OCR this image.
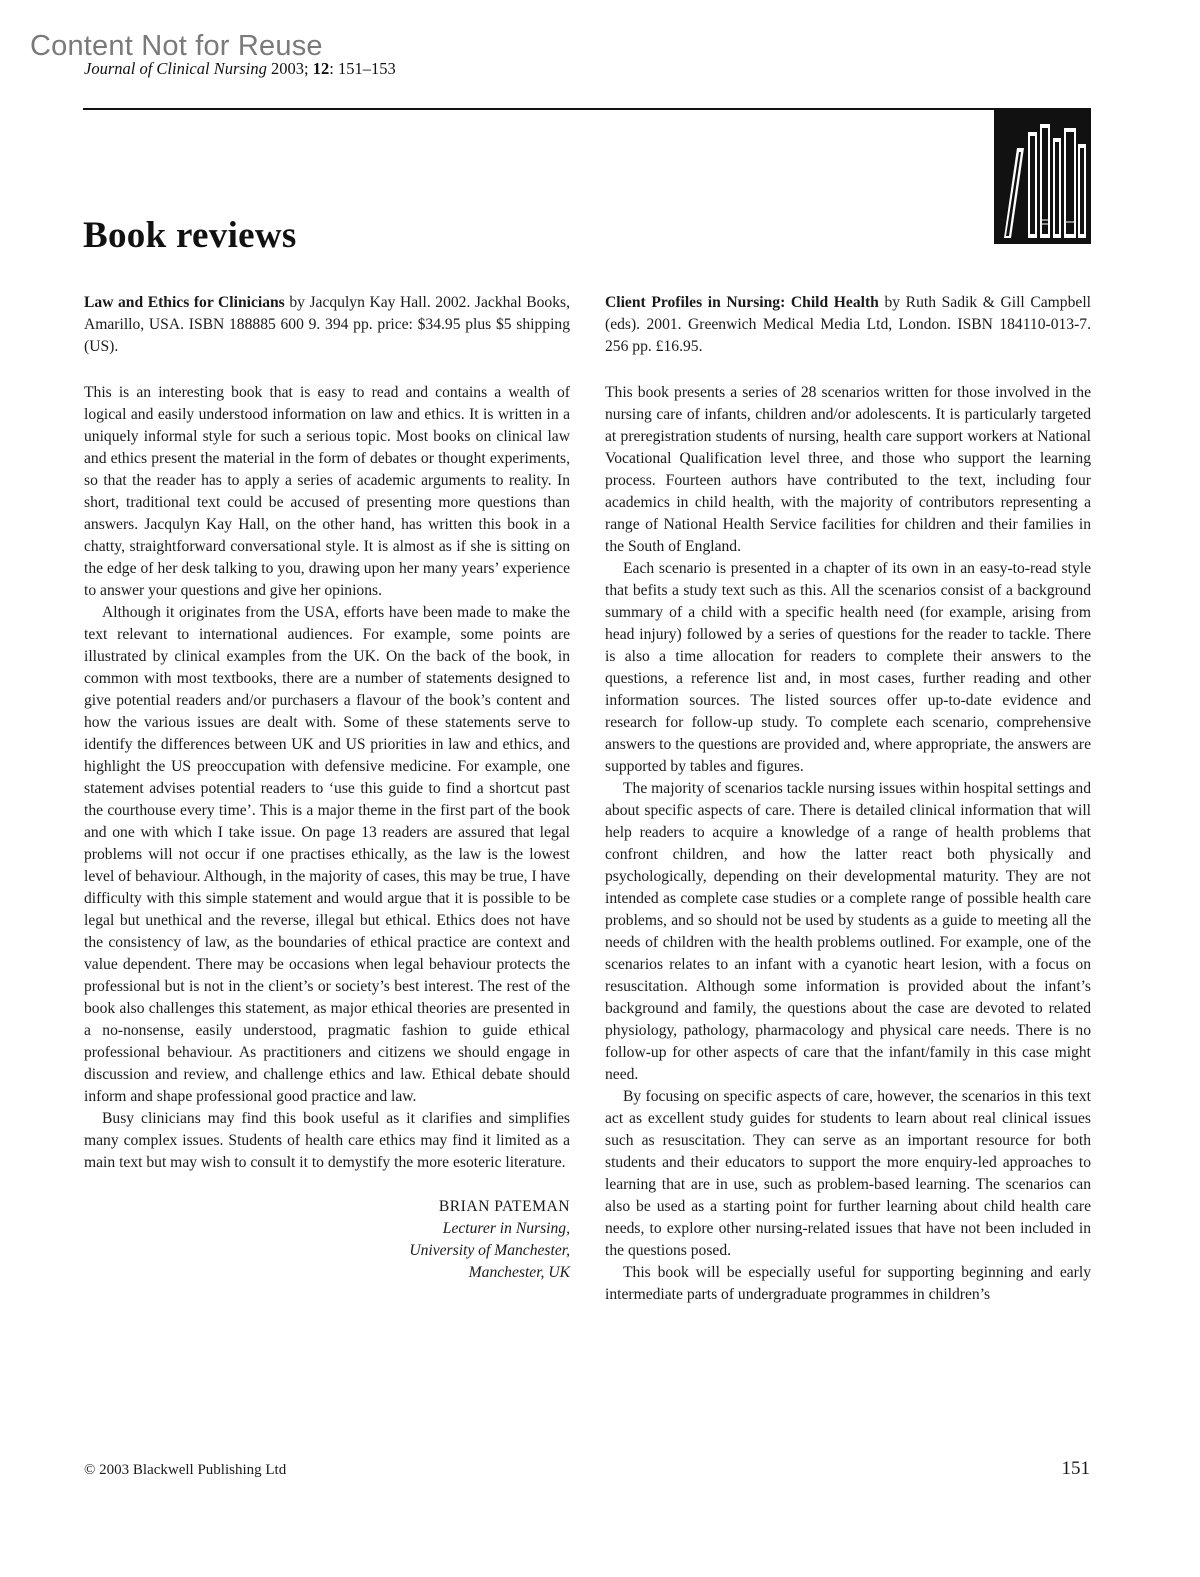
Content Not for Reuse
Journal of Clinical Nursing 2003; 12: 151–153
Book reviews

Law and Ethics for Clinicians by Jacqulyn Kay Hall. 2002. Jackhal Books, Amarillo, USA. ISBN 188885 600 9. 394 pp. price: $34.95 plus $5 shipping (US).

This is an interesting book that is easy to read and contains a wealth of logical and easily understood information on law and ethics. It is written in a uniquely informal style for such a serious topic. Most books on clinical law and ethics present the material in the form of debates or thought experiments, so that the reader has to apply a series of academic arguments to reality. In short, traditional text could be accused of presenting more questions than answers. Jacqulyn Kay Hall, on the other hand, has written this book in a chatty, straightforward conversational style. It is almost as if she is sitting on the edge of her desk talking to you, drawing upon her many years’ experience to answer your questions and give her opinions.

Although it originates from the USA, efforts have been made to make the text relevant to international audiences. For example, some points are illustrated by clinical examples from the UK. On the back of the book, in common with most textbooks, there are a number of statements designed to give potential readers and/or purchasers a flavour of the book’s content and how the various issues are dealt with. Some of these statements serve to identify the differences between UK and US priorities in law and ethics, and highlight the US preoccupation with defensive medicine. For example, one statement advises potential readers to ‘use this guide to find a shortcut past the courthouse every time’. This is a major theme in the first part of the book and one with which I take issue. On page 13 readers are assured that legal problems will not occur if one practises ethically, as the law is the lowest level of behaviour. Although, in the majority of cases, this may be true, I have difficulty with this simple statement and would argue that it is possible to be legal but unethical and the reverse, illegal but ethical. Ethics does not have the consistency of law, as the boundaries of ethical practice are context and value dependent. There may be occasions when legal behaviour protects the professional but is not in the client’s or society’s best interest. The rest of the book also challenges this statement, as major ethical theories are presented in a no-nonsense, easily understood, pragmatic fashion to guide ethical professional behaviour. As practitioners and citizens we should engage in discussion and review, and challenge ethics and law. Ethical debate should inform and shape professional good practice and law.

Busy clinicians may find this book useful as it clarifies and simplifies many complex issues. Students of health care ethics may find it limited as a main text but may wish to consult it to demystify the more esoteric literature.

BRIAN PATEMAN
Lecturer in Nursing,
University of Manchester,
Manchester, UK

Client Profiles in Nursing: Child Health by Ruth Sadik & Gill Campbell (eds). 2001. Greenwich Medical Media Ltd, London. ISBN 184110-013-7. 256 pp. £16.95.

This book presents a series of 28 scenarios written for those involved in the nursing care of infants, children and/or adolescents. It is particularly targeted at preregistration students of nursing, health care support workers at National Vocational Qualification level three, and those who support the learning process. Fourteen authors have contributed to the text, including four academics in child health, with the majority of contributors representing a range of National Health Service facilities for children and their families in the South of England.

Each scenario is presented in a chapter of its own in an easy-to-read style that befits a study text such as this. All the scenarios consist of a background summary of a child with a specific health need (for example, arising from head injury) followed by a series of questions for the reader to tackle. There is also a time allocation for readers to complete their answers to the questions, a reference list and, in most cases, further reading and other information sources. The listed sources offer up-to-date evidence and research for follow-up study. To complete each scenario, comprehensive answers to the questions are provided and, where appropriate, the answers are supported by tables and figures.

The majority of scenarios tackle nursing issues within hospital settings and about specific aspects of care. There is detailed clinical information that will help readers to acquire a knowledge of a range of health problems that confront children, and how the latter react both physically and psychologically, depending on their developmental maturity. They are not intended as complete case studies or a complete range of possible health care problems, and so should not be used by students as a guide to meeting all the needs of children with the health problems outlined. For example, one of the scenarios relates to an infant with a cyanotic heart lesion, with a focus on resuscitation. Although some information is provided about the infant’s background and family, the questions about the case are devoted to related physiology, pathology, pharmacology and physical care needs. There is no follow-up for other aspects of care that the infant/family in this case might need.

By focusing on specific aspects of care, however, the scenarios in this text act as excellent study guides for students to learn about real clinical issues such as resuscitation. They can serve as an important resource for both students and their educators to support the more enquiry-led approaches to learning that are in use, such as problem-based learning. The scenarios can also be used as a starting point for further learning about child health care needs, to explore other nursing-related issues that have not been included in the questions posed.

This book will be especially useful for supporting beginning and early intermediate parts of undergraduate programmes in children’s

© 2003 Blackwell Publishing Ltd	151
